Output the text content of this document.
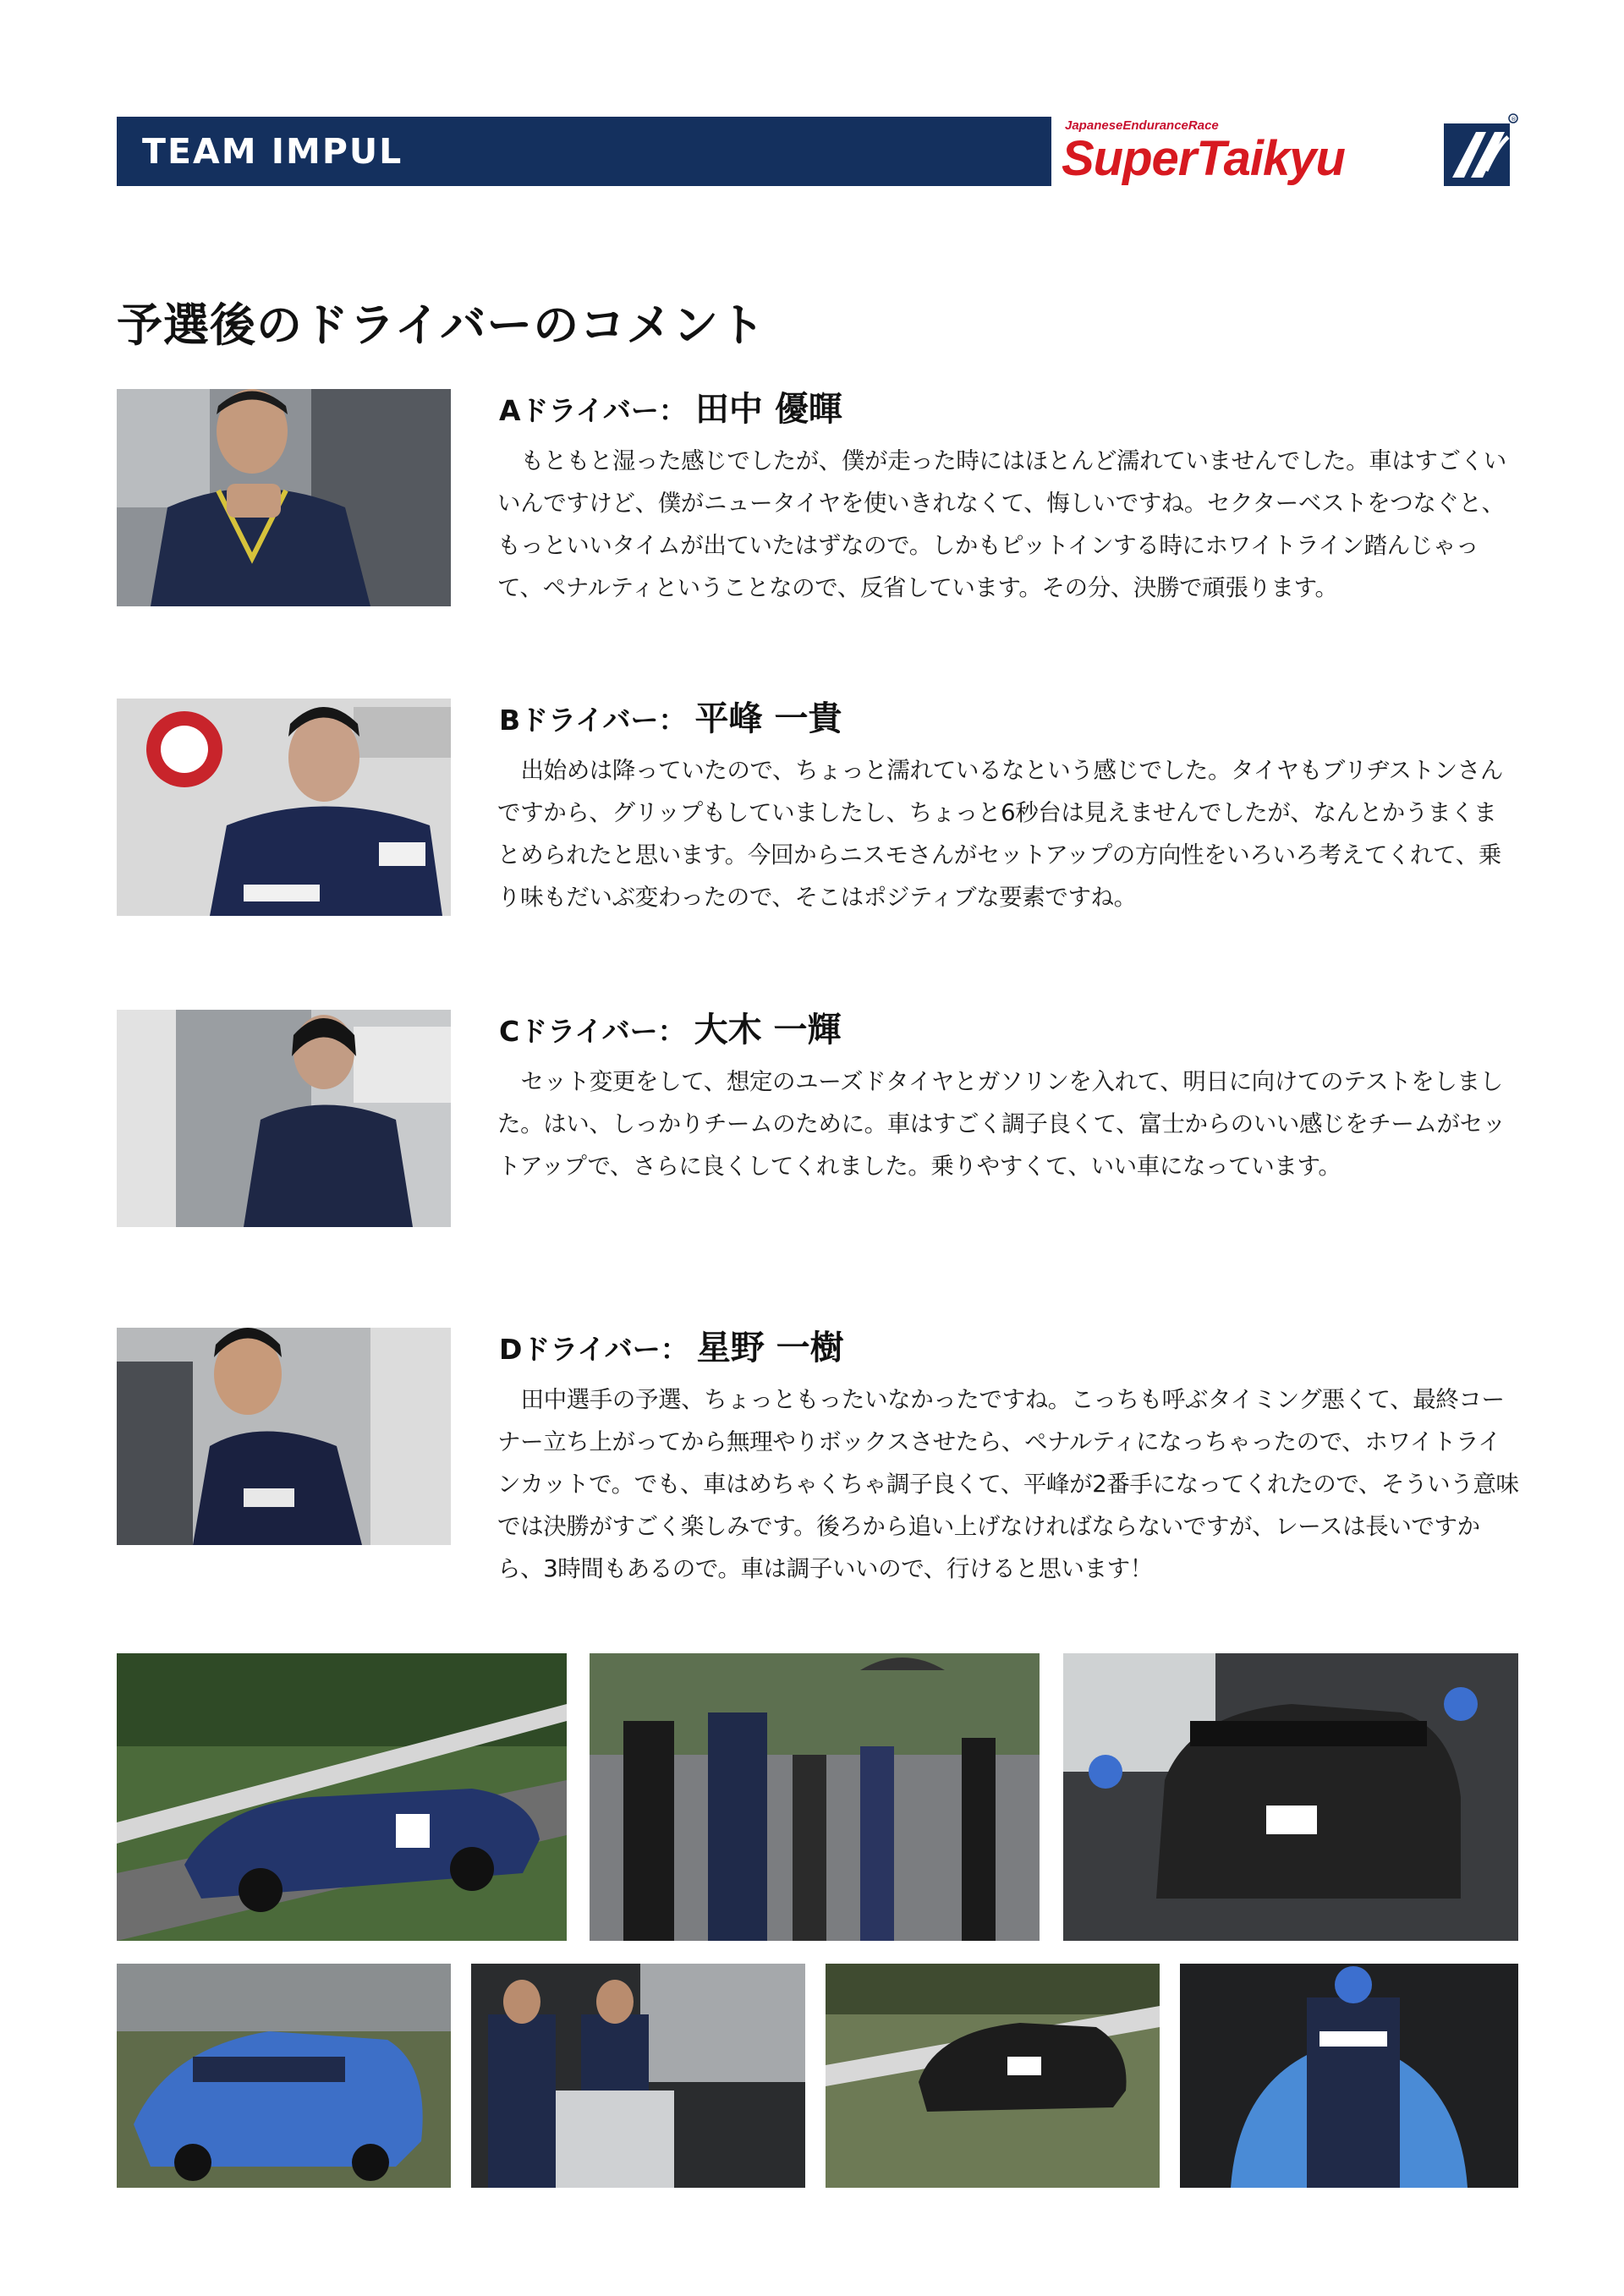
TEAM IMPUL
JapaneseEnduranceRace
SuperTaikyu
®
予選後のドライバーのコメント
Aドライバー： 田中 優暉
もともと湿った感じでしたが、僕が走った時にはほとんど濡れていませんでした。車はすごくいいんですけど、僕がニュータイヤを使いきれなくて、悔しいですね。セクターベストをつなぐと、もっといいタイムが出ていたはずなので。しかもピットインする時にホワイトライン踏んじゃって、ペナルティということなので、反省しています。その分、決勝で頑張ります。
Bドライバー： 平峰 一貴
出始めは降っていたので、ちょっと濡れているなという感じでした。タイヤもブリヂストンさんですから、グリップもしていましたし、ちょっと6秒台は見えませんでしたが、なんとかうまくまとめられたと思います。今回からニスモさんがセットアップの方向性をいろいろ考えてくれて、乗り味もだいぶ変わったので、そこはポジティブな要素ですね。
Cドライバー： 大木 一輝
セット変更をして、想定のユーズドタイヤとガソリンを入れて、明日に向けてのテストをしました。はい、しっかりチームのために。車はすごく調子良くて、富士からのいい感じをチームがセットアップで、さらに良くしてくれました。乗りやすくて、いい車になっています。
Dドライバー： 星野 一樹
田中選手の予選、ちょっともったいなかったですね。こっちも呼ぶタイミング悪くて、最終コーナー立ち上がってから無理やりボックスさせたら、ペナルティになっちゃったので、ホワイトラインカットで。でも、車はめちゃくちゃ調子良くて、平峰が2番手になってくれたので、そういう意味では決勝がすごく楽しみです。後ろから追い上げなければならないですが、レースは長いですから、3時間もあるので。車は調子いいので、行けると思います！
